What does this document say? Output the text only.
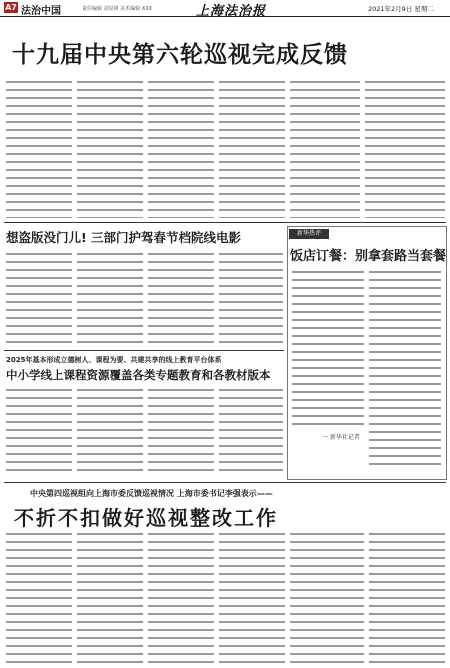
A7 法治中国	责任编辑 刘显锋 美术编辑 XXX	上海法治报	2021年2月9日 星期二
十九届中央第六轮巡视完成反馈
想盗版没门儿! 三部门护驾春节档院线电影	新华热评
饭店订餐：别拿套路当套餐
一 新华社记者
2025年基本形成立德树人、课程为要、共建共享的线上教育平台体系
中小学线上课程资源覆盖各类专题教育和各教材版本
中央第四巡视组向上海市委反馈巡视情况 上海市委书记李强表示——
不折不扣做好巡视整改工作
